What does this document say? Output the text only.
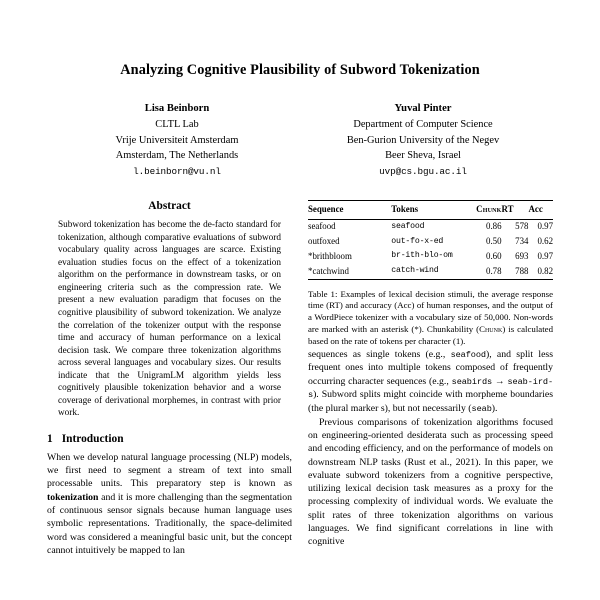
Analyzing Cognitive Plausibility of Subword Tokenization
Lisa Beinborn
CLTL Lab
Vrije Universiteit Amsterdam
Amsterdam, The Netherlands
l.beinborn@vu.nl
Yuval Pinter
Department of Computer Science
Ben-Gurion University of the Negev
Beer Sheva, Israel
uvp@cs.bgu.ac.il
Abstract

Subword tokenization has become the de-facto standard for tokenization, although comparative evaluations of subword vocabulary quality across languages are scarce. Existing evaluation studies focus on the effect of a tokenization algorithm on the performance in downstream tasks, or on engineering criteria such as the compression rate. We present a new evaluation paradigm that focuses on the cognitive plausibility of subword tokenization. We analyze the correlation of the tokenizer output with the response time and accuracy of human performance on a lexical decision task. We compare three tokenization algorithms across several languages and vocabulary sizes. Our results indicate that the UnigramLM algorithm yields less cognitively plausible tokenization behavior and a worse coverage of derivational morphemes, in contrast with prior work.

1 Introduction

When we develop natural language processing (NLP) models, we first need to segment a stream of text into small processable units. This preparatory step is known as tokenization and it is more challenging than the segmentation of continuous sensor signals because human language uses symbolic representations. Traditionally, the space-delimited word was considered a meaningful basic unit, but the concept cannot intuitively be mapped to lan

Sequence	Tokens	Chunk	RT	Acc
seafood	seafood	0.86	578	0.97
outfoxed	out-fo-x-ed	0.50	734	0.62
*brithbloom	br-ith-blo-om	0.60	693	0.97
*catchwind	catch-wind	0.78	788	0.82

Table 1: Examples of lexical decision stimuli, the average response time (RT) and accuracy (Acc) of human responses, and the output of a WordPiece tokenizer with a vocabulary size of 50,000. Non-words are marked with an asterisk (*). Chunkability (Chunk) is calculated based on the rate of tokens per character (1).

sequences as single tokens (e.g., seafood), and split less frequent ones into multiple tokens composed of frequently occurring character sequences (e.g., seabirds → seab-ird-s). Subword splits might coincide with morpheme boundaries (the plural marker s), but not necessarily (seab).

Previous comparisons of tokenization algorithms focused on engineering-oriented desiderata such as processing speed and encoding efficiency, and on the performance of models on downstream NLP tasks (Rust et al., 2021). In this paper, we evaluate subword tokenizers from a cognitive perspective, utilizing lexical decision task measures as a proxy for the processing complexity of individual words. We evaluate the split rates of three tokenization algorithms on various languages. We find significant correlations in line with cognitive
